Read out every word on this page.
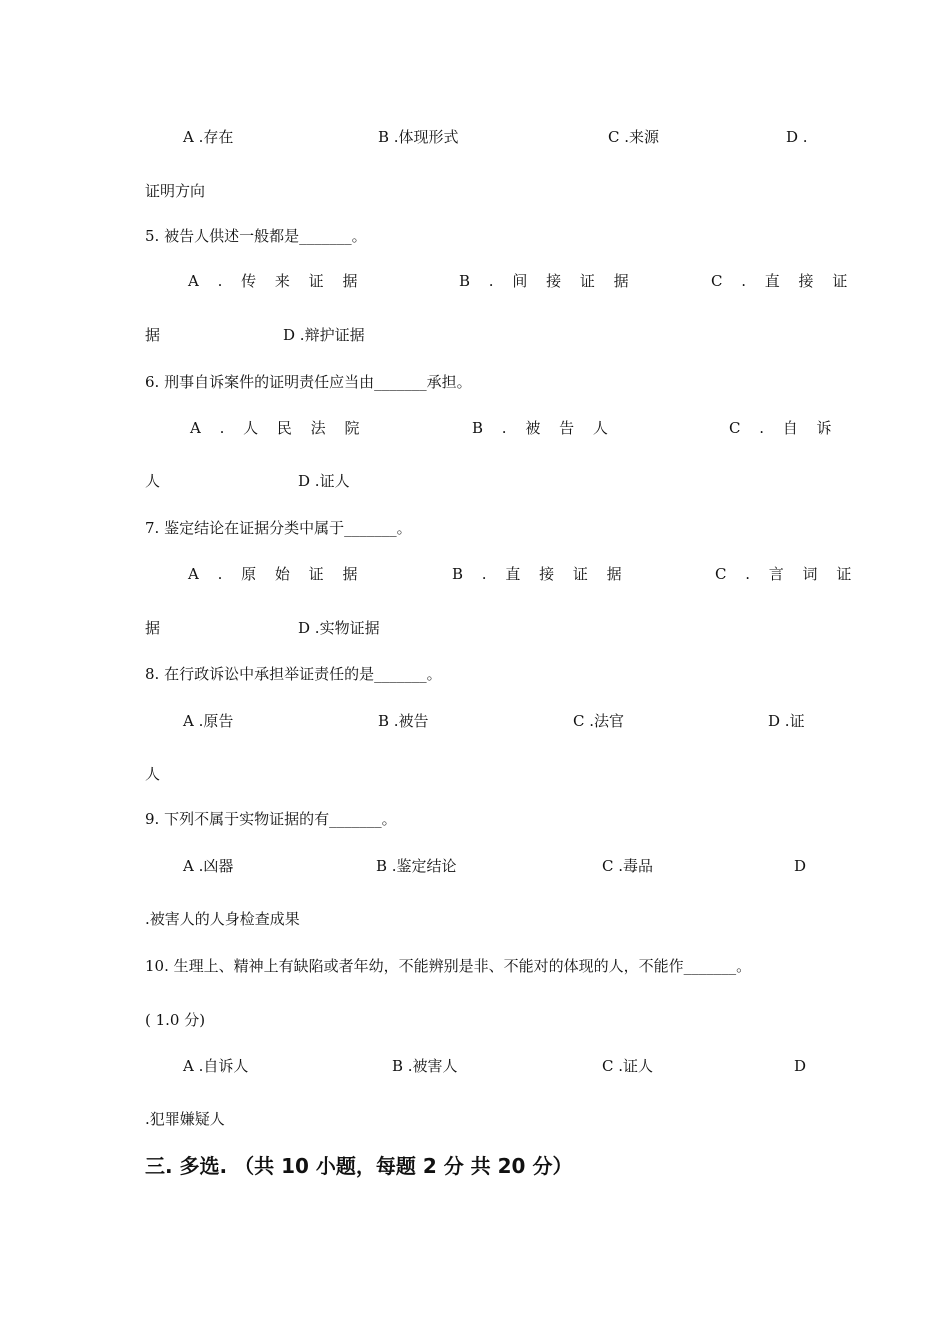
A .存在	B .体现形式	C .来源	D .
证明方向
5. 被告人供述一般都是_______。
A . 传 来 证 据	B . 间 接 证 据	C . 直 接 证
据	D .辩护证据
6. 刑事自诉案件的证明责任应当由_______承担。
A . 人 民 法 院	B . 被 告 人	C . 自 诉
人	D .证人
7. 鉴定结论在证据分类中属于_______。
A . 原 始 证 据	B . 直 接 证 据	C . 言 词 证
据	D .实物证据
8. 在行政诉讼中承担举证责任的是_______。
A .原告	B .被告	C .法官	D .证
人
9. 下列不属于实物证据的有_______。
A .凶器	B .鉴定结论	C .毒品	D
.被害人的人身检查成果
10. 生理上、精神上有缺陷或者年幼，不能辨别是非、不能对的体现的人，不能作_______。
( 1.0 分)
A .自诉人	B .被害人	C .证人	D
.犯罪嫌疑人
三. 多选. （共 10 小题，每题 2 分 共 20 分）
